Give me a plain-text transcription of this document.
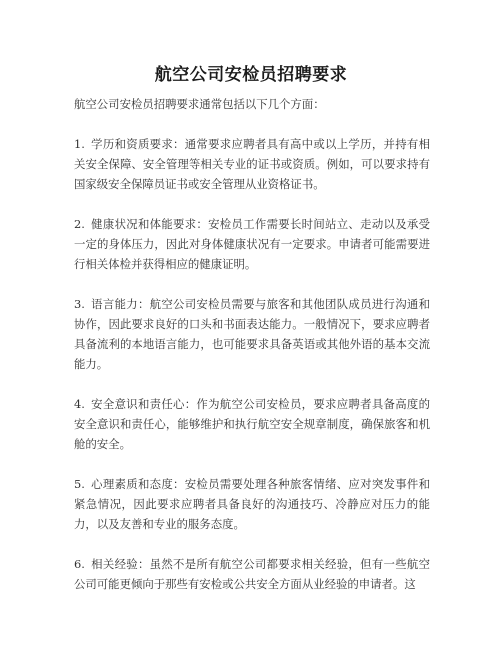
航空公司安检员招聘要求

航空公司安检员招聘要求通常包括以下几个方面：

1. 学历和资质要求：通常要求应聘者具有高中或以上学历，并持有相关安全保障、安全管理等相关专业的证书或资质。例如，可以要求持有国家级安全保障员证书或安全管理从业资格证书。

2. 健康状况和体能要求：安检员工作需要长时间站立、走动以及承受一定的身体压力，因此对身体健康状况有一定要求。申请者可能需要进行相关体检并获得相应的健康证明。

3. 语言能力：航空公司安检员需要与旅客和其他团队成员进行沟通和协作，因此要求良好的口头和书面表达能力。一般情况下，要求应聘者具备流利的本地语言能力，也可能要求具备英语或其他外语的基本交流能力。

4. 安全意识和责任心：作为航空公司安检员，要求应聘者具备高度的安全意识和责任心，能够维护和执行航空安全规章制度，确保旅客和机舱的安全。

5. 心理素质和态度：安检员需要处理各种旅客情绪、应对突发事件和紧急情况，因此要求应聘者具备良好的沟通技巧、冷静应对压力的能力，以及友善和专业的服务态度。

6. 相关经验：虽然不是所有航空公司都要求相关经验，但有一些航空公司可能更倾向于那些有安检或公共安全方面从业经验的申请者。这
